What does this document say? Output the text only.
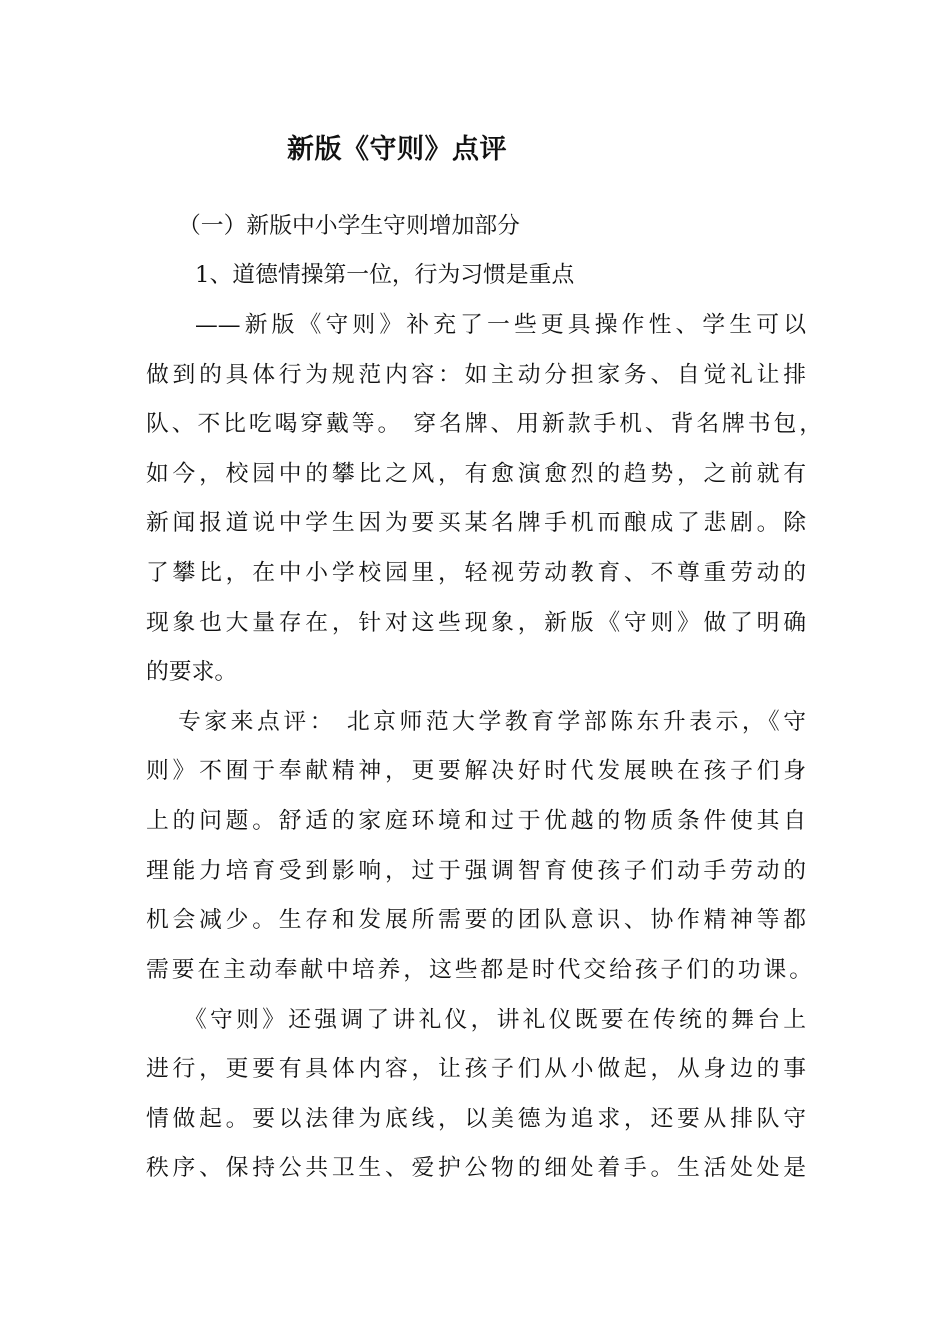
新版《守则》点评
（一）新版中小学生守则增加部分
1、道德情操第一位，行为习惯是重点
——新版《守则》补充了一些更具操作性、学生可以
做到的具体行为规范内容：如主动分担家务、自觉礼让排
队、不比吃喝穿戴等。 穿名牌、用新款手机、背名牌书包，
如今，校园中的攀比之风，有愈演愈烈的趋势，之前就有
新闻报道说中学生因为要买某名牌手机而酿成了悲剧。除
了攀比，在中小学校园里，轻视劳动教育、不尊重劳动的
现象也大量存在，针对这些现象，新版《守则》做了明确
的要求。
专家来点评： 北京师范大学教育学部陈东升表示，《守
则》不囿于奉献精神，更要解决好时代发展映在孩子们身
上的问题。舒适的家庭环境和过于优越的物质条件使其自
理能力培育受到影响，过于强调智育使孩子们动手劳动的
机会减少。生存和发展所需要的团队意识、协作精神等都
需要在主动奉献中培养，这些都是时代交给孩子们的功课。
《守则》还强调了讲礼仪，讲礼仪既要在传统的舞台上
进行，更要有具体内容，让孩子们从小做起，从身边的事
情做起。要以法律为底线，以美德为追求，还要从排队守
秩序、保持公共卫生、爱护公物的细处着手。生活处处是
